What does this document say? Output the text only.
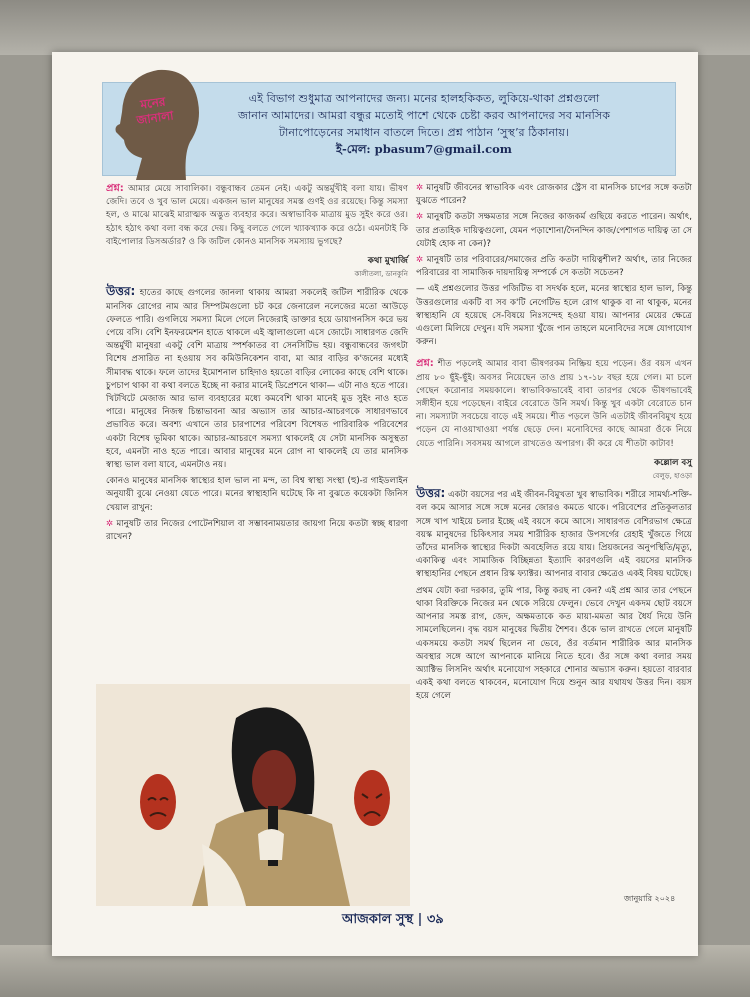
মনের
জানালা
এই বিভাগ শুধুমাত্র আপনাদের জন্য। মনের হালহকিকত, লুকিয়ে-থাকা প্রশ্নগুলো
জানান আমাদের। আমরা বন্ধুর মতোই পাশে থেকে চেষ্টা করব আপনাদের সব মানসিক
টানাপোড়েনের সমাধান বাতলে দিতে। প্রশ্ন পাঠান ‘সুস্থ’র ঠিকানায়।
ই-মেল: pbasum7@gmail.com

প্রশ্ন: আমার মেয়ে সাবালিকা। বন্ধুবান্ধব তেমন নেই। একটু অন্তর্মুখীই বলা যায়। ভীষণ জেদি। তবে ও খুব ভাল মেয়ে। একজন ভাল মানুষের সমস্ত গুণই ওর রয়েছে। কিন্তু সমস্যা হল, ও মাঝে মাঝেই মারাত্মক অদ্ভুত ব্যবহার করে। অস্বাভাবিক মাত্রায় মুড সুইং করে ওর। হঠাৎ হঠাৎ কথা বলা বন্ধ করে দেয়। কিছু বলতে গেলে খ্যাকখ্যাক করে ওঠে। এমনটাই কি বাইপোলার ডিসঅর্ডার? ও কি জটিল কোনও মানসিক সমস্যায় ভুগছে?

কথা মুখার্জি
কালীতলা, ডানকুনি

উত্তর: হাতের কাছে গুগলের জানলা থাকায় আমরা সকলেই জটিল শারীরিক থেকে মানসিক রোগের নাম আর সিম্পটমগুলো চট করে জেনারেল নলেজের মতো আউড়ে ফেলতে পারি। গুগলিয়ে সমস্যা মিলে গেলে নিজেরাই ডাক্তার হয়ে ডায়াগনসিস করে ভয় পেয়ে বসি। বেশি ইনফরমেশন হাতে থাকলে এই জ্বালাগুলো এসে জোটে। সাধারণত জেদি অন্তর্মুখী মানুষরা একটু বেশি মাত্রায় স্পর্শকাতর বা সেনসিটিভ হয়। বন্ধুবান্ধবের জগৎটা বিশেষ প্রসারিত না হওয়ায় সব কমিউনিকেশন বাবা, মা আর বাড়ির ক'জনের মধ্যেই সীমাবদ্ধ থাকে। ফলে তাদের ইমোশনাল চাহিদাও হয়তো বাড়ির লোকের কাছে বেশি থাকে। চুপচাপ থাকা বা কথা বলতে ইচ্ছে না করার মানেই ডিপ্রেশনে থাকা— এটা নাও হতে পারে। খিটখিটে মেজাজ আর ভাল ব্যবহারের মধ্যে কমবেশি থাকা মানেই মুড সুইং নাও হতে পারে। মানুষের নিজস্ব চিন্তাভাবনা আর অভ্যাস তার আচার-আচরণকে সাধারণভাবে প্রভাবিত করে। অবশ্য এখানে তার চারপাশের পরিবেশ বিশেষত পারিবারিক পরিবেশের একটা বিশেষ ভূমিকা থাকে। আচার-আচরণে সমস্যা থাকলেই যে সেটা মানসিক অসুস্থতা হবে, এমনটা নাও হতে পারে। আবার মানুষের মনে রোগ না থাকলেই যে তার মানসিক স্বাস্থ্য ভাল বলা যাবে, এমনটাও নয়।

কোনও মানুষের মানসিক স্বাস্থ্যের হাল ভাল না মন্দ, তা বিশ্ব স্বাস্থ্য সংস্থা (হু)-র গাইডলাইন অনুযায়ী বুঝে নেওয়া যেতে পারে। মনের স্বাস্থ্যহানি ঘটেছে কি না বুঝতে কয়েকটা জিনিস খেয়াল রাখুন:

✲ মানুষটি তার নিজের পোটেনশিয়াল বা সম্ভাবনাময়তার জায়গা নিয়ে কতটা স্বচ্ছ ধারণা রাখেন?

✲ মানুষটি জীবনের স্বাভাবিক এবং রোজকার স্ট্রেস বা মানসিক চাপের সঙ্গে কতটা যুঝতে পারেন?

✲ মানুষটি কতটা সক্ষমতার সঙ্গে নিজের কাজকর্ম গুছিয়ে করতে পারেন। অর্থাৎ, তার প্রত্যহিক দায়িত্বগুলো, যেমন পড়াশোনা/দৈনন্দিন কাজ/পেশাগত দায়িত্ব তা সে যেটাই হোক না কেন)?

✲ মানুষটি তার পরিবারের/সমাজের প্রতি কতটা দায়িত্বশীল? অর্থাৎ, তার নিজের পরিবারের বা সামাজিক দায়দায়িত্ব সম্পর্কে সে কতটা সচেতন?

— এই প্রশ্নগুলোর উত্তর পজিটিভ বা সদর্থক হলে, মনের স্বাস্থ্যের হাল ভাল, কিন্তু উত্তরগুলোর একটি বা সব ক'টি নেগেটিভ হলে রোগ থাকুক বা না থাকুক, মনের স্বাস্থ্যহানি যে হয়েছে সে-বিষয়ে নিঃসন্দেহ হওয়া যায়। আপনার মেয়ের ক্ষেত্রে এগুলো মিলিয়ে দেখুন। যদি সমস্যা খুঁজে পান তাহলে মনোবিদের সঙ্গে যোগাযোগ করুন।

প্রশ্ন: শীত পড়লেই আমার বাবা ভীষণরকম নিষ্ক্রিয় হয়ে পড়েন। ওঁর বয়স এখন প্রায় ৮০ ছুঁই-ছুঁই। অবসর নিয়েছেন তাও প্রায় ১৭-১৮ বছর হয়ে গেল। মা চলে গেছেন করোনার সময়কালে। স্বাভাবিকভাবেই বাবা তারপর থেকে ভীষণভাবেই সঙ্গীহীন হয়ে পড়েছেন। বাইরে বেরোতে উনি সমর্থ। কিন্তু খুব একটা বেরোতে চান না। সমস্যাটা সবচেয়ে বাড়ে এই সময়ে। শীত পড়লে উনি এতটাই জীবনবিমুখ হয়ে পড়েন যে নাওয়াখাওয়া পর্যন্ত ছেড়ে দেন। মনোবিদের কাছে আমরা ওঁকে নিয়ে যেতে পারিনি। সবসময় আগলে রাখতেও অপারগ। কী করে যে শীতটা কাটাব!

কল্লোল বসু
বেলুড়, হাওড়া

উত্তর: একটা বয়সের পর এই জীবন-বিমুখতা খুব স্বাভাবিক। শরীরে সামর্থ্য-শক্তি-বল কমে আসার সঙ্গে সঙ্গে মনের জোরও কমতে থাকে। পরিবেশের প্রতিকূলতার সঙ্গে খাপ খাইয়ে চলার ইচ্ছে এই বয়সে কমে আসে। সাধারণত বেশিরভাগ ক্ষেত্রে বয়স্ক মানুষদের চিকিৎসার সময় শারীরিক হাজার উপসর্গের রেহাই খুঁজতে গিয়ে তাঁদের মানসিক স্বাস্থ্যের দিকটা অবহেলিত রয়ে যায়। প্রিয়জনের অনুপস্থিতি/মৃত্যু, একাকিত্ব এবং সামাজিক বিচ্ছিন্নতা ইত্যাদি কারণগুলি এই বয়সের মানসিক স্বাস্থ্যহানির পেছনে প্রধান রিস্ক ফ্যাক্টর। আপনার বাবার ক্ষেত্রেও একই বিষয় ঘটেছে।

প্রথম যেটা করা দরকার, তুমি পার, কিন্তু করছ না কেন? এই প্রশ্ন আর তার পেছনে থাকা বিরক্তিকে নিজের মন থেকে সরিয়ে ফেলুন। ভেবে দেখুন একদম ছোট বয়সে আপনার সমস্ত রাগ, জেদ, অক্ষমতাকে কত মায়া-মমতা আর ধৈর্য দিয়ে উনি সামলেছিলেন। বৃদ্ধ বয়স মানুষের দ্বিতীয় শৈশব। ওঁকে ভাল রাখতে গেলে মানুষটি একসময়ে কতটা সমর্থ ছিলেন না ভেবে, ওঁর বর্তমান শারীরিক আর মানসিক অবস্থার সঙ্গে আগে আপনাকে মানিয়ে নিতে হবে। ওঁর সঙ্গে কথা বলার সময় অ্যাক্টিভ লিসনিং অর্থাৎ মনোযোগ সহকারে শোনার অভ্যাস করুন। হয়তো বারবার একই কথা বলতে থাকবেন, মনোযোগ দিয়ে শুনুন আর যথাযথ উত্তর দিন। বয়স হয়ে গেলে

জানুয়ারি ২০২৪
আজকাল সুস্থ | ৩৯
